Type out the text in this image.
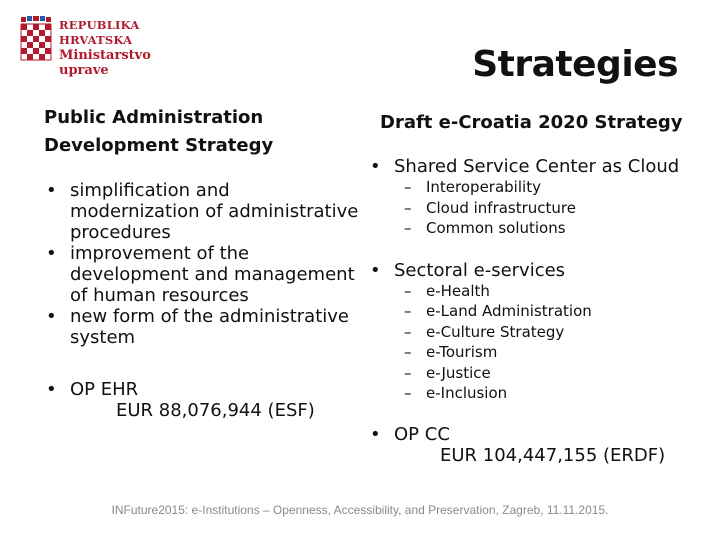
REPUBLIKA HRVATSKA
Ministarstvo
uprave	Strategies
Public Administration
Development Strategy
• simplification and modernization of administrative procedures
• improvement of the development and management of human resources
• new form of the administrative system
• OP EHR
EUR 88,076,944 (ESF)
Draft e-Croatia 2020 Strategy
• Shared Service Center as Cloud
– Interoperability
– Cloud infrastructure
– Common solutions
• Sectoral e-services
– e-Health
– e-Land Administration
– e-Culture Strategy
– e-Tourism
– e-Justice
– e-Inclusion
• OP CC
EUR 104,447,155 (ERDF)
INFuture2015: e-Institutions – Openness, Accessibility, and Preservation, Zagreb, 11.11.2015.
